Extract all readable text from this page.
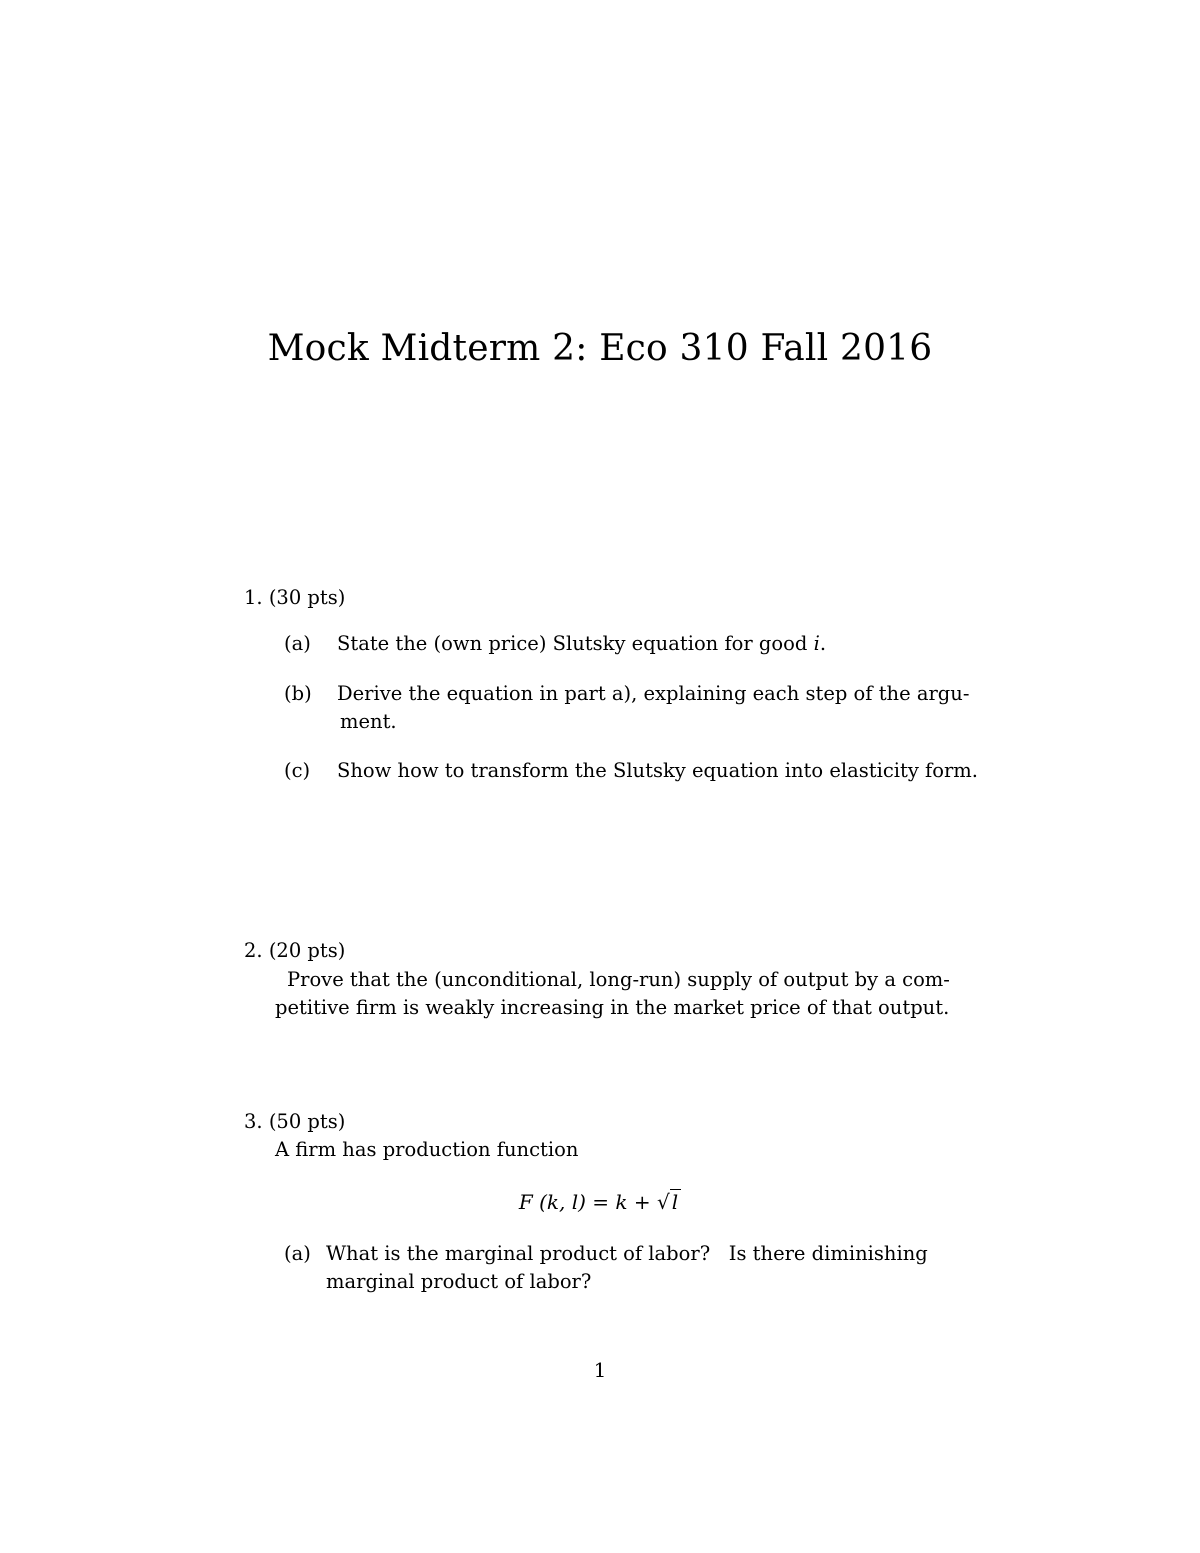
Mock Midterm 2: Eco 310 Fall 2016
1. (30 pts)
(a) State the (own price) Slutsky equation for good i.
(b) Derive the equation in part a), explaining each step of the argu-
ment.
(c) Show how to transform the Slutsky equation into elasticity form.
2. (20 pts)
Prove that the (unconditional, long-run) supply of output by a com-
petitive firm is weakly increasing in the market price of that output.
3. (50 pts)
A firm has production function
F (k, l) = k + √ l
(a) What is the marginal product of labor?   Is there diminishing
marginal product of labor?
1
